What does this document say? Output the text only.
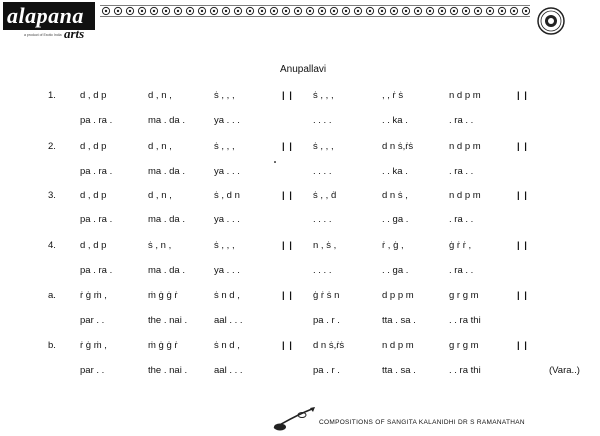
alapana
arts
a product of Exotic India
Anupallavi
1.	d , d p	d , n ,	ṡ , , ,	| | ṡ , , ,	, , ṙ ṡ	n d p m	| |
pa . ra .	ma . da .	ya . . .	. . . .	. . ka .	. ra . .
2.	d , d p	d , n ,	ṡ , , ,	| | ṡ , , ,	d n ṡ,ṙṡ	n d p m	| |
pa . ra .	ma . da .	ya . . .	. . . .	. . ka .	. ra . .
3.	d , d p	d , n ,	ṡ , d n	| | ṡ , , ḋ	d n ṡ ,	n d p m	| |
pa . ra .	ma . da .	ya . . .	. . . .	. . ga .	. ra . .
4.	d , d p	ṡ , n ,	ṡ , , ,	| | n , ṡ ,	ṙ , ġ ,	ġ ṙ ṙ ,	| |
pa . ra .	ma . da .	ya . . .	. . . .	. . ga .	. ra . .
a.	ṙ ġ ṁ ,	ṁ ġ ġ ṙ	ṡ n d ,	| | ġ ṙ ṡ n	d p p m	g r g m	| |
par . .	the . nai .	aal . . .	pa . r .	tta . sa .	. . ra thi
b.	ṙ ġ ṁ ,	ṁ ġ ġ ṙ	ṡ n d ,	| | d n ṡ,ṙṡ	n d p m	g r g m	| |
par . .	the . nai .	aal . . .	pa . r .	tta . sa .	. . ra thi	(Vara..)
COMPOSITIONS OF SANGITA KALANIDHI DR S RAMANATHAN
